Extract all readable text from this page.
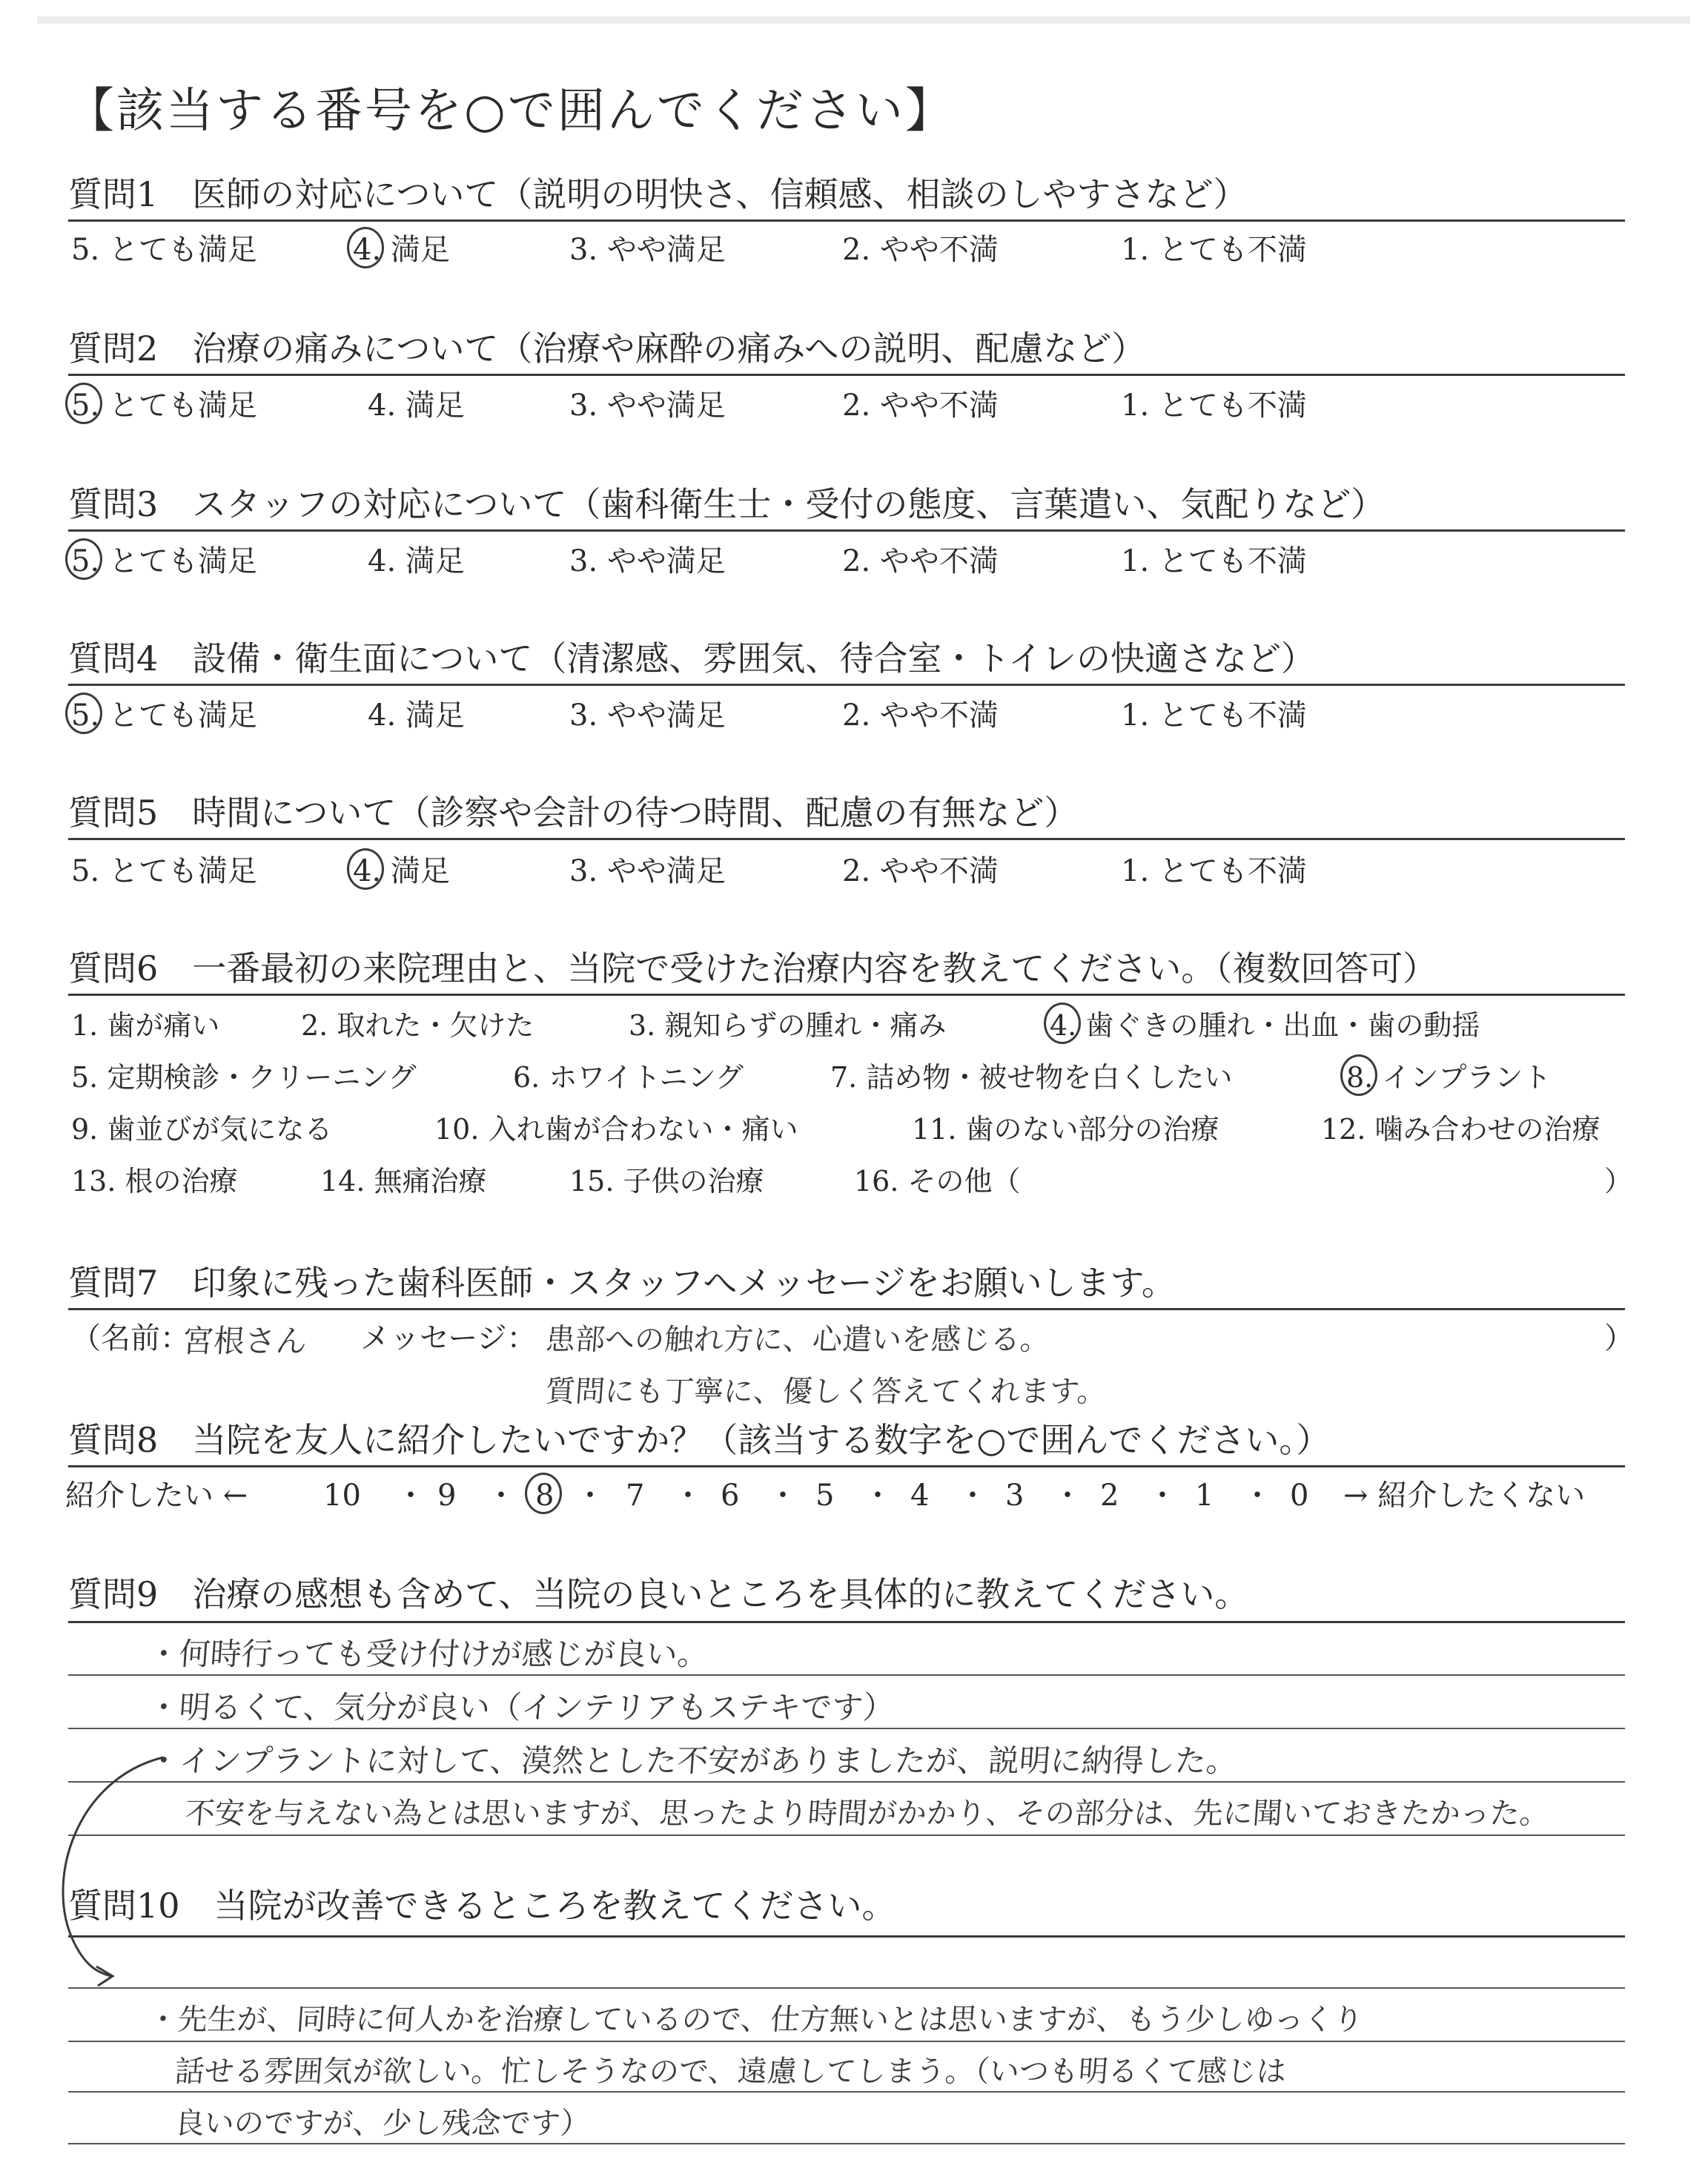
【該当する番号を○で囲んでください】
質問1　医師の対応について（説明の明快さ、信頼感、相談のしやすさなど）
5. とても満足	4. 満足	3. やや満足	2. やや不満	1. とても不満
質問2　治療の痛みについて（治療や麻酔の痛みへの説明、配慮など）
5. とても満足	4. 満足	3. やや満足	2. やや不満	1. とても不満
質問3　スタッフの対応について（歯科衛生士・受付の態度、言葉遣い、気配りなど）
5. とても満足	4. 満足	3. やや満足	2. やや不満	1. とても不満
質問4　設備・衛生面について（清潔感、雰囲気、待合室・トイレの快適さなど）
5. とても満足	4. 満足	3. やや満足	2. やや不満	1. とても不満
質問5　時間について（診察や会計の待つ時間、配慮の有無など）
5. とても満足	4. 満足	3. やや満足	2. やや不満	1. とても不満
質問6　一番最初の来院理由と、当院で受けた治療内容を教えてください。（複数回答可）
1. 歯が痛い	2. 取れた・欠けた	3. 親知らずの腫れ・痛み	4. 歯ぐきの腫れ・出血・歯の動揺
5. 定期検診・クリーニング	6. ホワイトニング	7. 詰め物・被せ物を白くしたい	8. インプラント
9. 歯並びが気になる	10. 入れ歯が合わない・痛い	11. 歯のない部分の治療	12. 噛み合わせの治療
13. 根の治療	14. 無痛治療	15. 子供の治療	16. その他（	）
質問7　印象に残った歯科医師・スタッフへメッセージをお願いします。
（名前：
宮根さん メッセージ： 患部への触れ方に、心遣いを感じる。	）
質問にも丁寧に、優しく答えてくれます。
質問8　当院を友人に紹介したいですか？（該当する数字を○で囲んでください。）
紹介したい ←	10 ・ 9 ・ 8 ・ 7 ・ 6 ・ 5 ・ 4 ・ 3 ・ 2 ・ 1 ・ 0 → 紹介したくない
質問9　治療の感想も含めて、当院の良いところを具体的に教えてください。
・何時行っても受け付けが感じが良い。
・明るくて、気分が良い（インテリアもステキです）
・インプラントに対して、漠然とした不安がありましたが、説明に納得した。
不安を与えない為とは思いますが、思ったより時間がかかり、その部分は、先に聞いておきたかった。
質問10　当院が改善できるところを教えてください。
・先生が、同時に何人かを治療しているので、仕方無いとは思いますが、もう少しゆっくり
話せる雰囲気が欲しい。忙しそうなので、遠慮してしまう。（いつも明るくて感じは
良いのですが、少し残念です）
